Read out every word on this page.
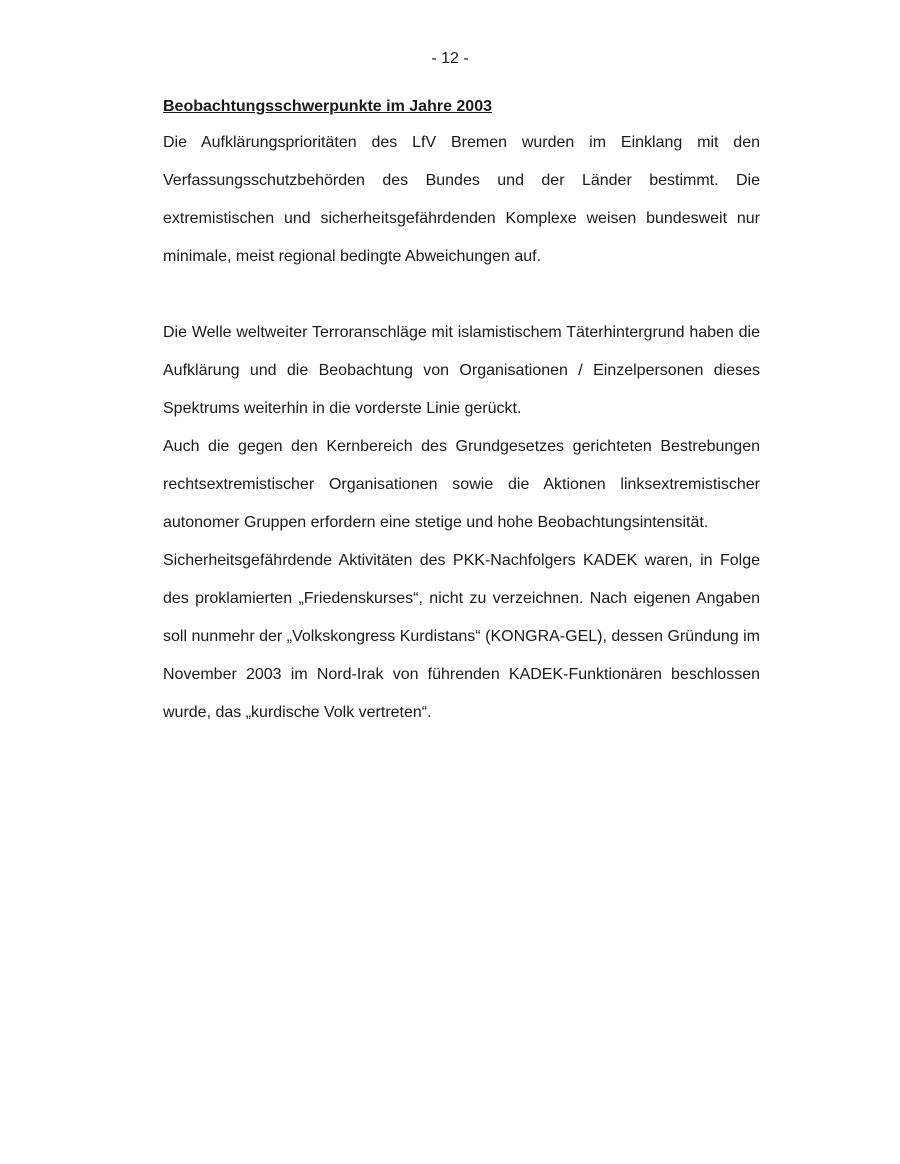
- 12 -

Beobachtungsschwerpunkte im Jahre 2003

Die Aufklärungsprioritäten des LfV Bremen wurden im Einklang mit den Verfassungsschutzbehörden des Bundes und der Länder bestimmt. Die extremistischen und sicherheitsgefährdenden Komplexe weisen bundesweit nur minimale, meist regional bedingte Abweichungen auf.

Die Welle weltweiter Terroranschläge mit islamistischem Täterhintergrund haben die Aufklärung und die Beobachtung von Organisationen / Einzelpersonen dieses Spektrums weiterhin in die vorderste Linie gerückt.

Auch die gegen den Kernbereich des Grundgesetzes gerichteten Bestrebungen rechtsextremistischer Organisationen sowie die Aktionen linksextremistischer autonomer Gruppen erfordern eine stetige und hohe Beobachtungsintensität.

Sicherheitsgefährdende Aktivitäten des PKK-Nachfolgers KADEK waren, in Folge des proklamierten „Friedenskurses“, nicht zu verzeichnen. Nach eigenen Angaben soll nunmehr der „Volkskongress Kurdistans“ (KONGRA-GEL), dessen Gründung im November 2003 im Nord-Irak von führenden KADEK-Funktionären beschlossen wurde, das „kurdische Volk vertreten“.
